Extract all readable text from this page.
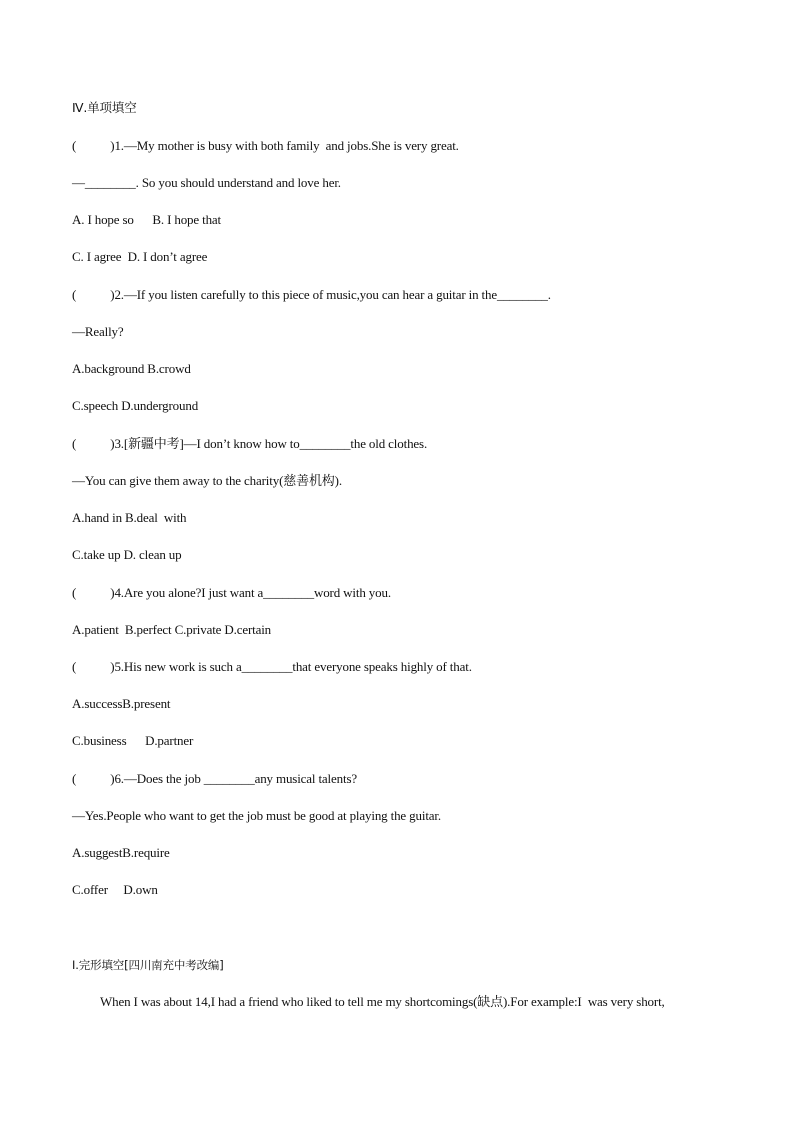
Ⅳ.单项填空
(           )1.—My mother is busy with both family  and jobs.She is very great.
—________. So you should understand and love her.
A. I hope so      B. I hope that
C. I agree  D. I don’t agree
(           )2.—If you listen carefully to this piece of music,you can hear a guitar in the________.
—Really?
A.background B.crowd
C.speech D.underground
(           )3.[新疆中考]—I don’t know how to________the old clothes.
—You can give them away to the charity(慈善机构).
A.hand in B.deal  with
C.take up D. clean up
(           )4.Are you alone?I just want a________word with you.
A.patient  B.perfect C.private D.certain
(           )5.His new work is such a________that everyone speaks highly of that.
A.successB.present
C.business      D.partner
(           )6.—Does the job ________any musical talents?
—Yes.People who want to get the job must be good at playing the guitar.
A.suggestB.require
C.offer     D.own
Ⅰ.完形填空[四川南充中考改编]
When I was about 14,I had a friend who liked to tell me my shortcomings(缺点).For example:I  was very short,
